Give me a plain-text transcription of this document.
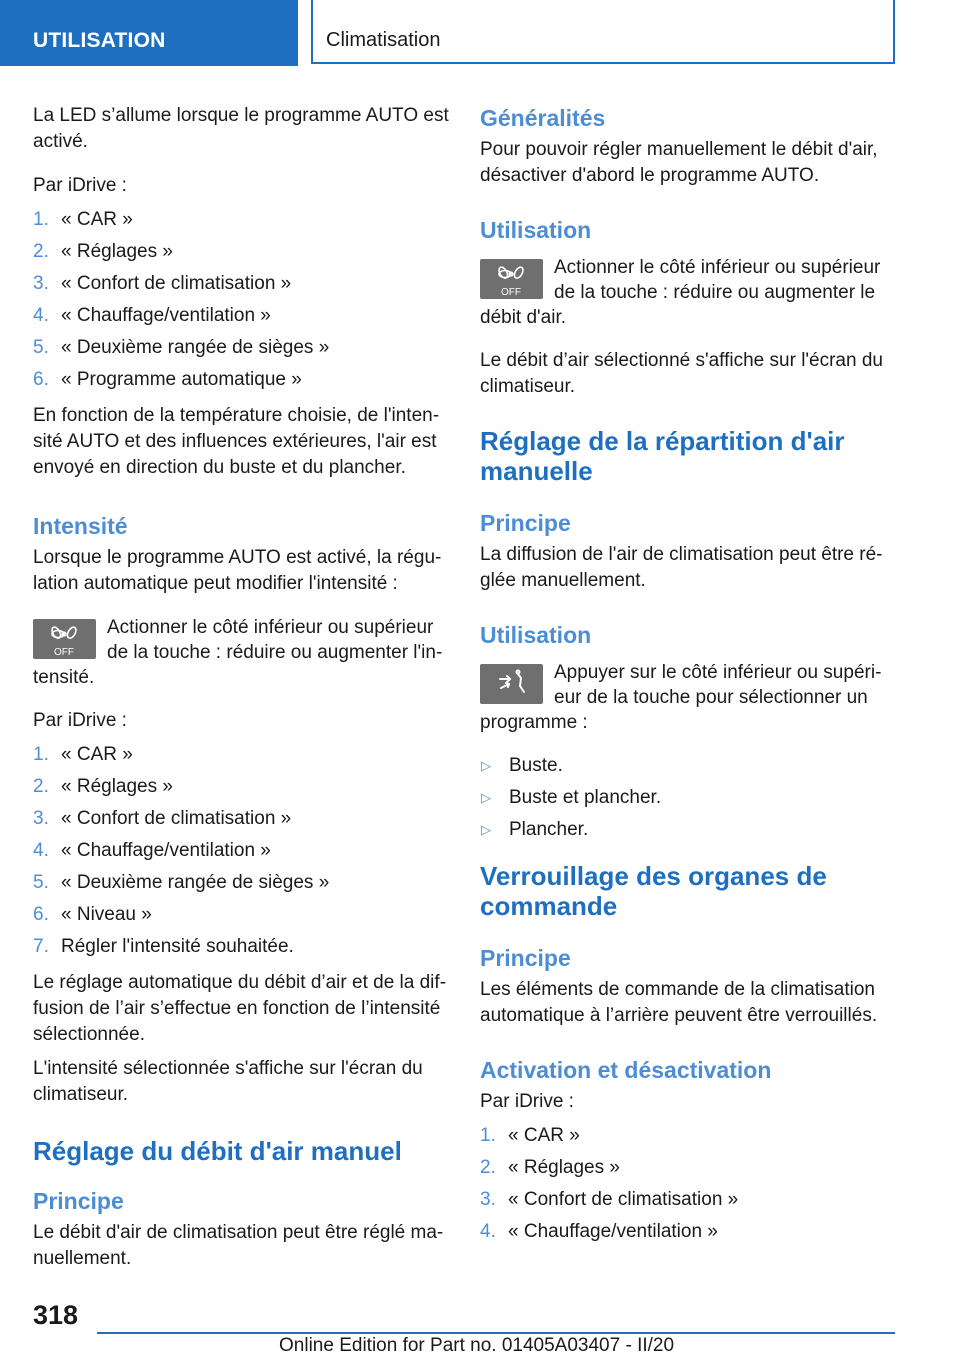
UTILISATION	Climatisation

La LED s’allume lorsque le programme AUTO est activé.

Par iDrive :

1. « CAR »
2. « Réglages »
3. « Confort de climatisation »
4. « Chauffage/ventilation »
5. « Deuxième rangée de sièges »
6. « Programme automatique »

En fonction de la température choisie, de l'intensité AUTO et des influences extérieures, l'air est envoyé en direction du buste et du plancher.

Intensité

Lorsque le programme AUTO est activé, la régulation automatique peut modifier l'intensité :

OFF
Actionner le côté inférieur ou supérieur de la touche : réduire ou augmenter l'intensité.

Par iDrive :

1. « CAR »
2. « Réglages »
3. « Confort de climatisation »
4. « Chauffage/ventilation »
5. « Deuxième rangée de sièges »
6. « Niveau »
7. Régler l'intensité souhaitée.

Le réglage automatique du débit d’air et de la diffusion de l’air s’effectue en fonction de l’intensité sélectionnée.

L'intensité sélectionnée s'affiche sur l'écran du climatiseur.

Réglage du débit d'air manuel
Principe

Le débit d'air de climatisation peut être réglé manuellement.

Généralités

Pour pouvoir régler manuellement le débit d'air, désactiver d'abord le programme AUTO.

Utilisation
OFF
Actionner le côté inférieur ou supérieur de la touche : réduire ou augmenter le débit d'air.

Le débit d’air sélectionné s'affiche sur l'écran du climatiseur.

Réglage de la répartition d'air manuelle
Principe

La diffusion de l'air de climatisation peut être réglée manuellement.

Utilisation
Appuyer sur le côté inférieur ou supérieur de la touche pour sélectionner un programme :
▷ Buste.
▷ Buste et plancher.
▷ Plancher.
Verrouillage des organes de commande
Principe

Les éléments de commande de la climatisation automatique à l’arrière peuvent être verrouillés.

Activation et désactivation

Par iDrive :

1. « CAR »
2. « Réglages »
3. « Confort de climatisation »
4. « Chauffage/ventilation »
318
Online Edition for Part no. 01405A03407 - II/20
